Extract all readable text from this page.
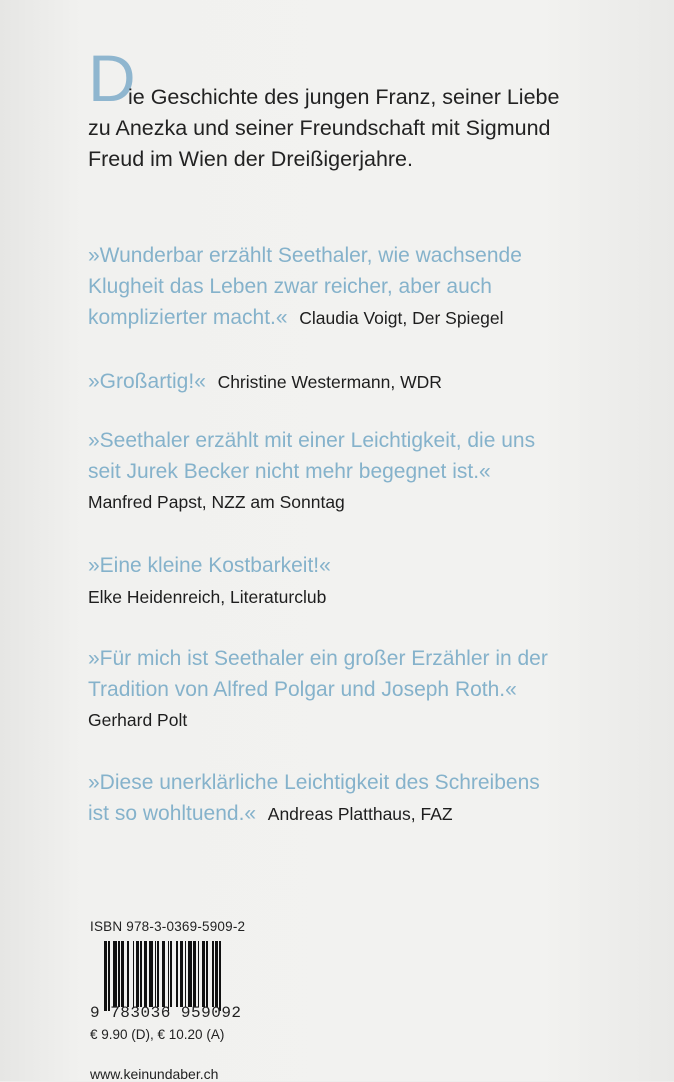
D
ie Geschichte des jungen Franz, seiner Liebe
zu Anezka und seiner Freundschaft mit Sigmund
Freud im Wien der Dreißigerjahre.
»Wunderbar erzählt Seethaler, wie wachsende
Klugheit das Leben zwar reicher, aber auch
komplizierter macht.« Claudia Voigt, Der Spiegel
»Großartig!« Christine Westermann, WDR
»Seethaler erzählt mit einer Leichtigkeit, die uns
seit Jurek Becker nicht mehr begegnet ist.«
Manfred Papst, NZZ am Sonntag
»Eine kleine Kostbarkeit!«
Elke Heidenreich, Literaturclub
»Für mich ist Seethaler ein großer Erzähler in der
Tradition von Alfred Polgar und Joseph Roth.«
Gerhard Polt
»Diese unerklärliche Leichtigkeit des Schreibens
ist so wohltuend.« Andreas Platthaus, FAZ
ISBN 978-3-0369-5909-2
9 783036 959092
€ 9.90 (D), € 10.20 (A)
www.keinundaber.ch
